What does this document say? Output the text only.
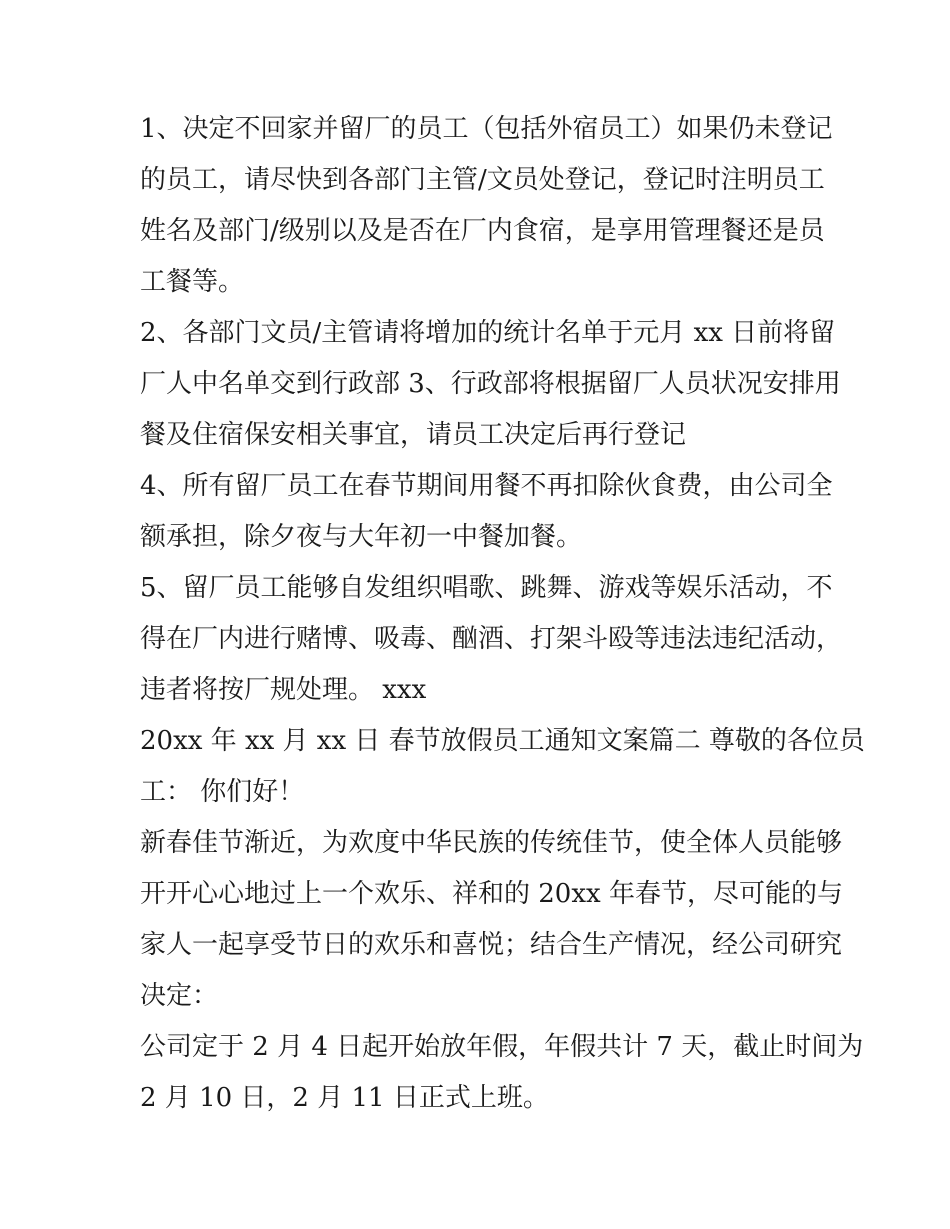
1、决定不回家并留厂的员工（包括外宿员工）如果仍未登记
的员工，请尽快到各部门主管/文员处登记，登记时注明员工
姓名及部门/级别以及是否在厂内食宿，是享用管理餐还是员
工餐等。
2、各部门文员/主管请将增加的统计名单于元月 xx 日前将留
厂人中名单交到行政部 3、行政部将根据留厂人员状况安排用
餐及住宿保安相关事宜，请员工决定后再行登记
4、所有留厂员工在春节期间用餐不再扣除伙食费，由公司全
额承担，除夕夜与大年初一中餐加餐。
5、留厂员工能够自发组织唱歌、跳舞、游戏等娱乐活动，不
得在厂内进行赌博、吸毒、酗酒、打架斗殴等违法违纪活动，
违者将按厂规处理。 xxx
20xx 年 xx 月 xx 日 春节放假员工通知文案篇二 尊敬的各位员
工： 你们好！
新春佳节渐近，为欢度中华民族的传统佳节，使全体人员能够
开开心心地过上一个欢乐、祥和的 20xx 年春节，尽可能的与
家人一起享受节日的欢乐和喜悦；结合生产情况，经公司研究
决定：
公司定于 2 月 4 日起开始放年假，年假共计 7 天，截止时间为
2 月 10 日，2 月 11 日正式上班。
